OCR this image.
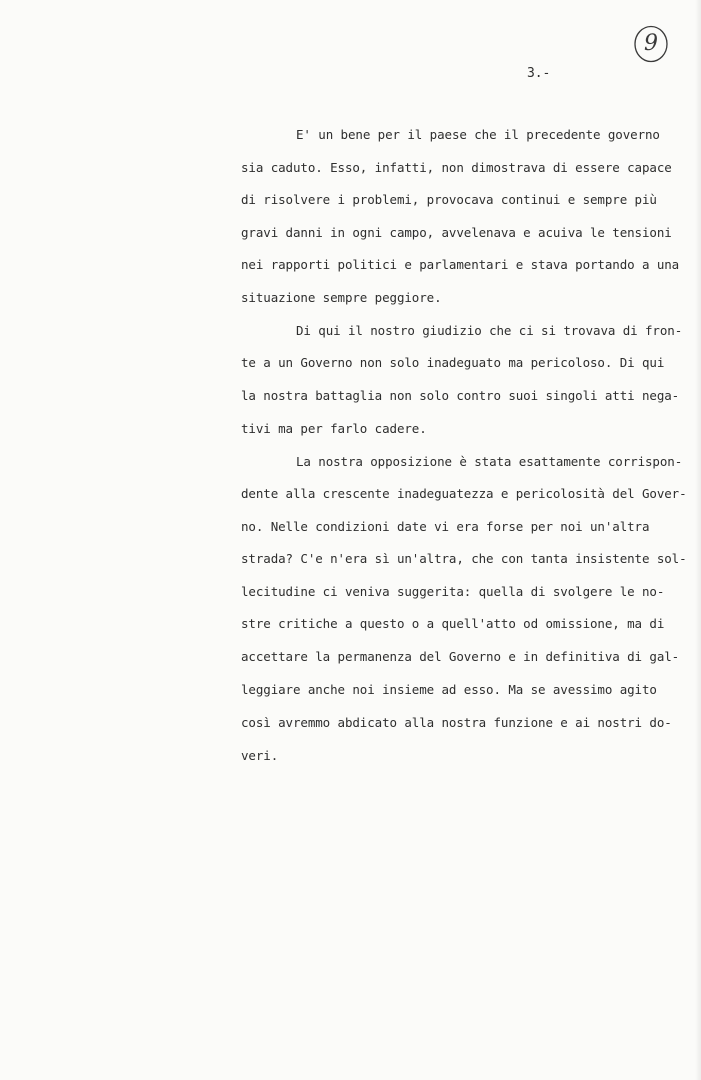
9
3.-
E' un bene per il paese che il precedente governo
sia caduto. Esso, infatti, non dimostrava di essere capace
di risolvere i problemi, provocava continui e sempre più
gravi danni in ogni campo, avvelenava e acuiva le tensioni
nei rapporti politici e parlamentari e stava portando a una
situazione sempre peggiore.
Di qui il nostro giudizio che ci si trovava di fron-
te a un Governo non solo inadeguato ma pericoloso. Di qui
la nostra battaglia non solo contro suoi singoli atti nega-
tivi ma per farlo cadere.
La nostra opposizione è stata esattamente corrispon-
dente alla crescente inadeguatezza e pericolosità del Gover-
no. Nelle condizioni date vi era forse per noi un'altra
strada? C'e n'era sì un'altra, che con tanta insistente sol-
lecitudine ci veniva suggerita: quella di svolgere le no-
stre critiche a questo o a quell'atto od omissione, ma di
accettare la permanenza del Governo e in definitiva di gal-
leggiare anche noi insieme ad esso. Ma se avessimo agito
così avremmo abdicato alla nostra funzione e ai nostri do-
veri.
